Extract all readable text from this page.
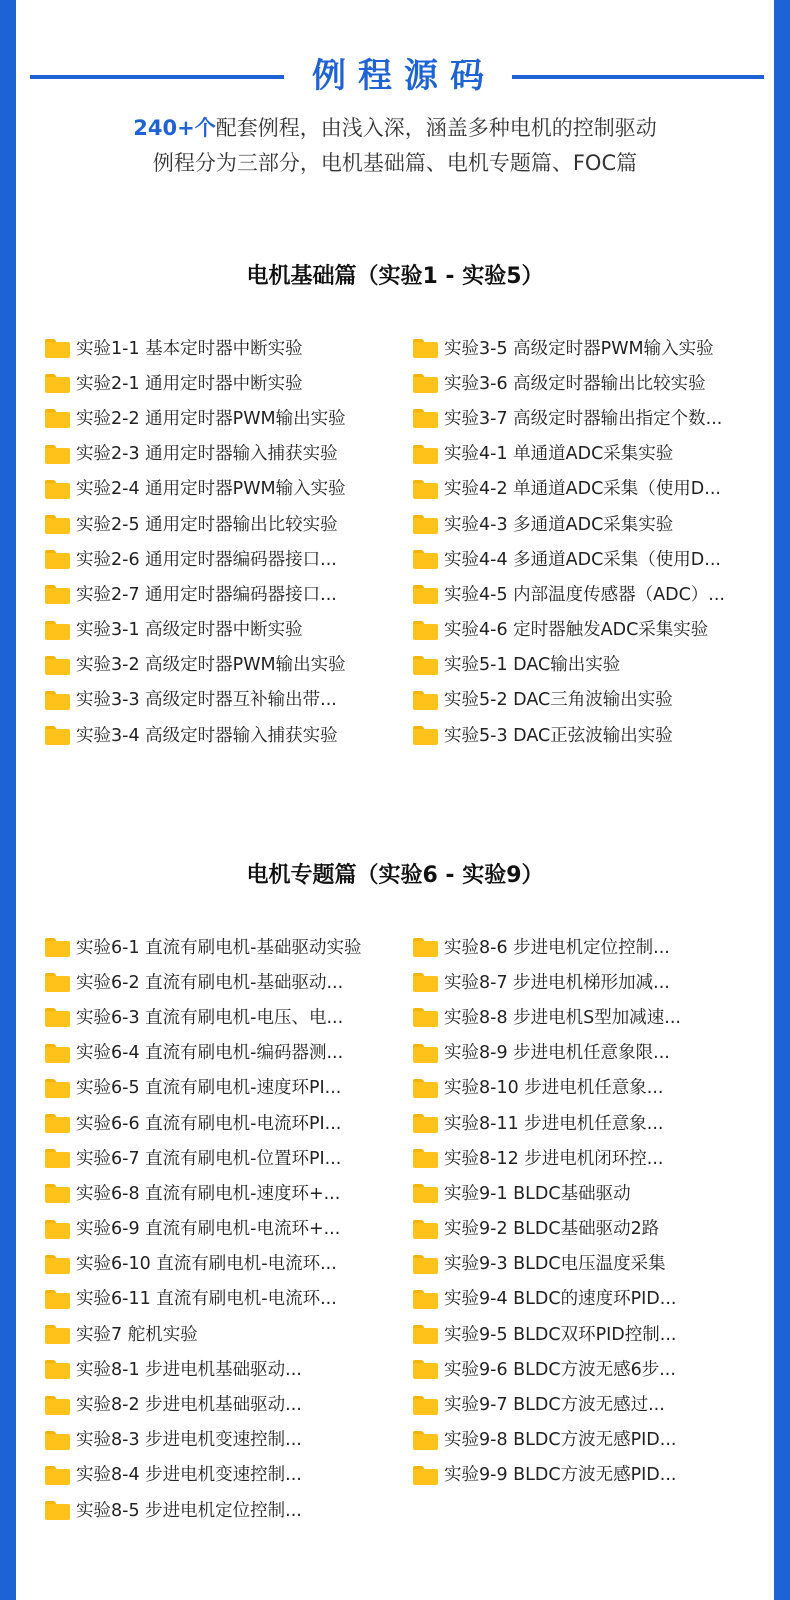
例程源码
240+个配套例程，由浅入深，涵盖多种电机的控制驱动
例程分为三部分，电机基础篇、电机专题篇、FOC篇
电机基础篇（实验1 - 实验5）
实验1-1 基本定时器中断实验
实验2-1 通用定时器中断实验
实验2-2 通用定时器PWM输出实验
实验2-3 通用定时器输入捕获实验
实验2-4 通用定时器PWM输入实验
实验2-5 通用定时器输出比较实验
实验2-6 通用定时器编码器接口...
实验2-7 通用定时器编码器接口...
实验3-1 高级定时器中断实验
实验3-2 高级定时器PWM输出实验
实验3-3 高级定时器互补输出带...
实验3-4 高级定时器输入捕获实验
实验3-5 高级定时器PWM输入实验
实验3-6 高级定时器输出比较实验
实验3-7 高级定时器输出指定个数...
实验4-1 单通道ADC采集实验
实验4-2 单通道ADC采集（使用D...
实验4-3 多通道ADC采集实验
实验4-4 多通道ADC采集（使用D...
实验4-5 内部温度传感器（ADC）...
实验4-6 定时器触发ADC采集实验
实验5-1 DAC输出实验
实验5-2 DAC三角波输出实验
实验5-3 DAC正弦波输出实验
电机专题篇（实验6 - 实验9）
实验6-1 直流有刷电机-基础驱动实验
实验6-2 直流有刷电机-基础驱动...
实验6-3 直流有刷电机-电压、电...
实验6-4 直流有刷电机-编码器测...
实验6-5 直流有刷电机-速度环PI...
实验6-6 直流有刷电机-电流环PI...
实验6-7 直流有刷电机-位置环PI...
实验6-8 直流有刷电机-速度环+...
实验6-9 直流有刷电机-电流环+...
实验6-10 直流有刷电机-电流环...
实验6-11 直流有刷电机-电流环...
实验7 舵机实验
实验8-1 步进电机基础驱动...
实验8-2 步进电机基础驱动...
实验8-3 步进电机变速控制...
实验8-4 步进电机变速控制...
实验8-5 步进电机定位控制...
实验8-6 步进电机定位控制...
实验8-7 步进电机梯形加减...
实验8-8 步进电机S型加减速...
实验8-9 步进电机任意象限...
实验8-10 步进电机任意象...
实验8-11 步进电机任意象...
实验8-12 步进电机闭环控...
实验9-1 BLDC基础驱动
实验9-2 BLDC基础驱动2路
实验9-3 BLDC电压温度采集
实验9-4 BLDC的速度环PID...
实验9-5 BLDC双环PID控制...
实验9-6 BLDC方波无感6步...
实验9-7 BLDC方波无感过...
实验9-8 BLDC方波无感PID...
实验9-9 BLDC方波无感PID...
